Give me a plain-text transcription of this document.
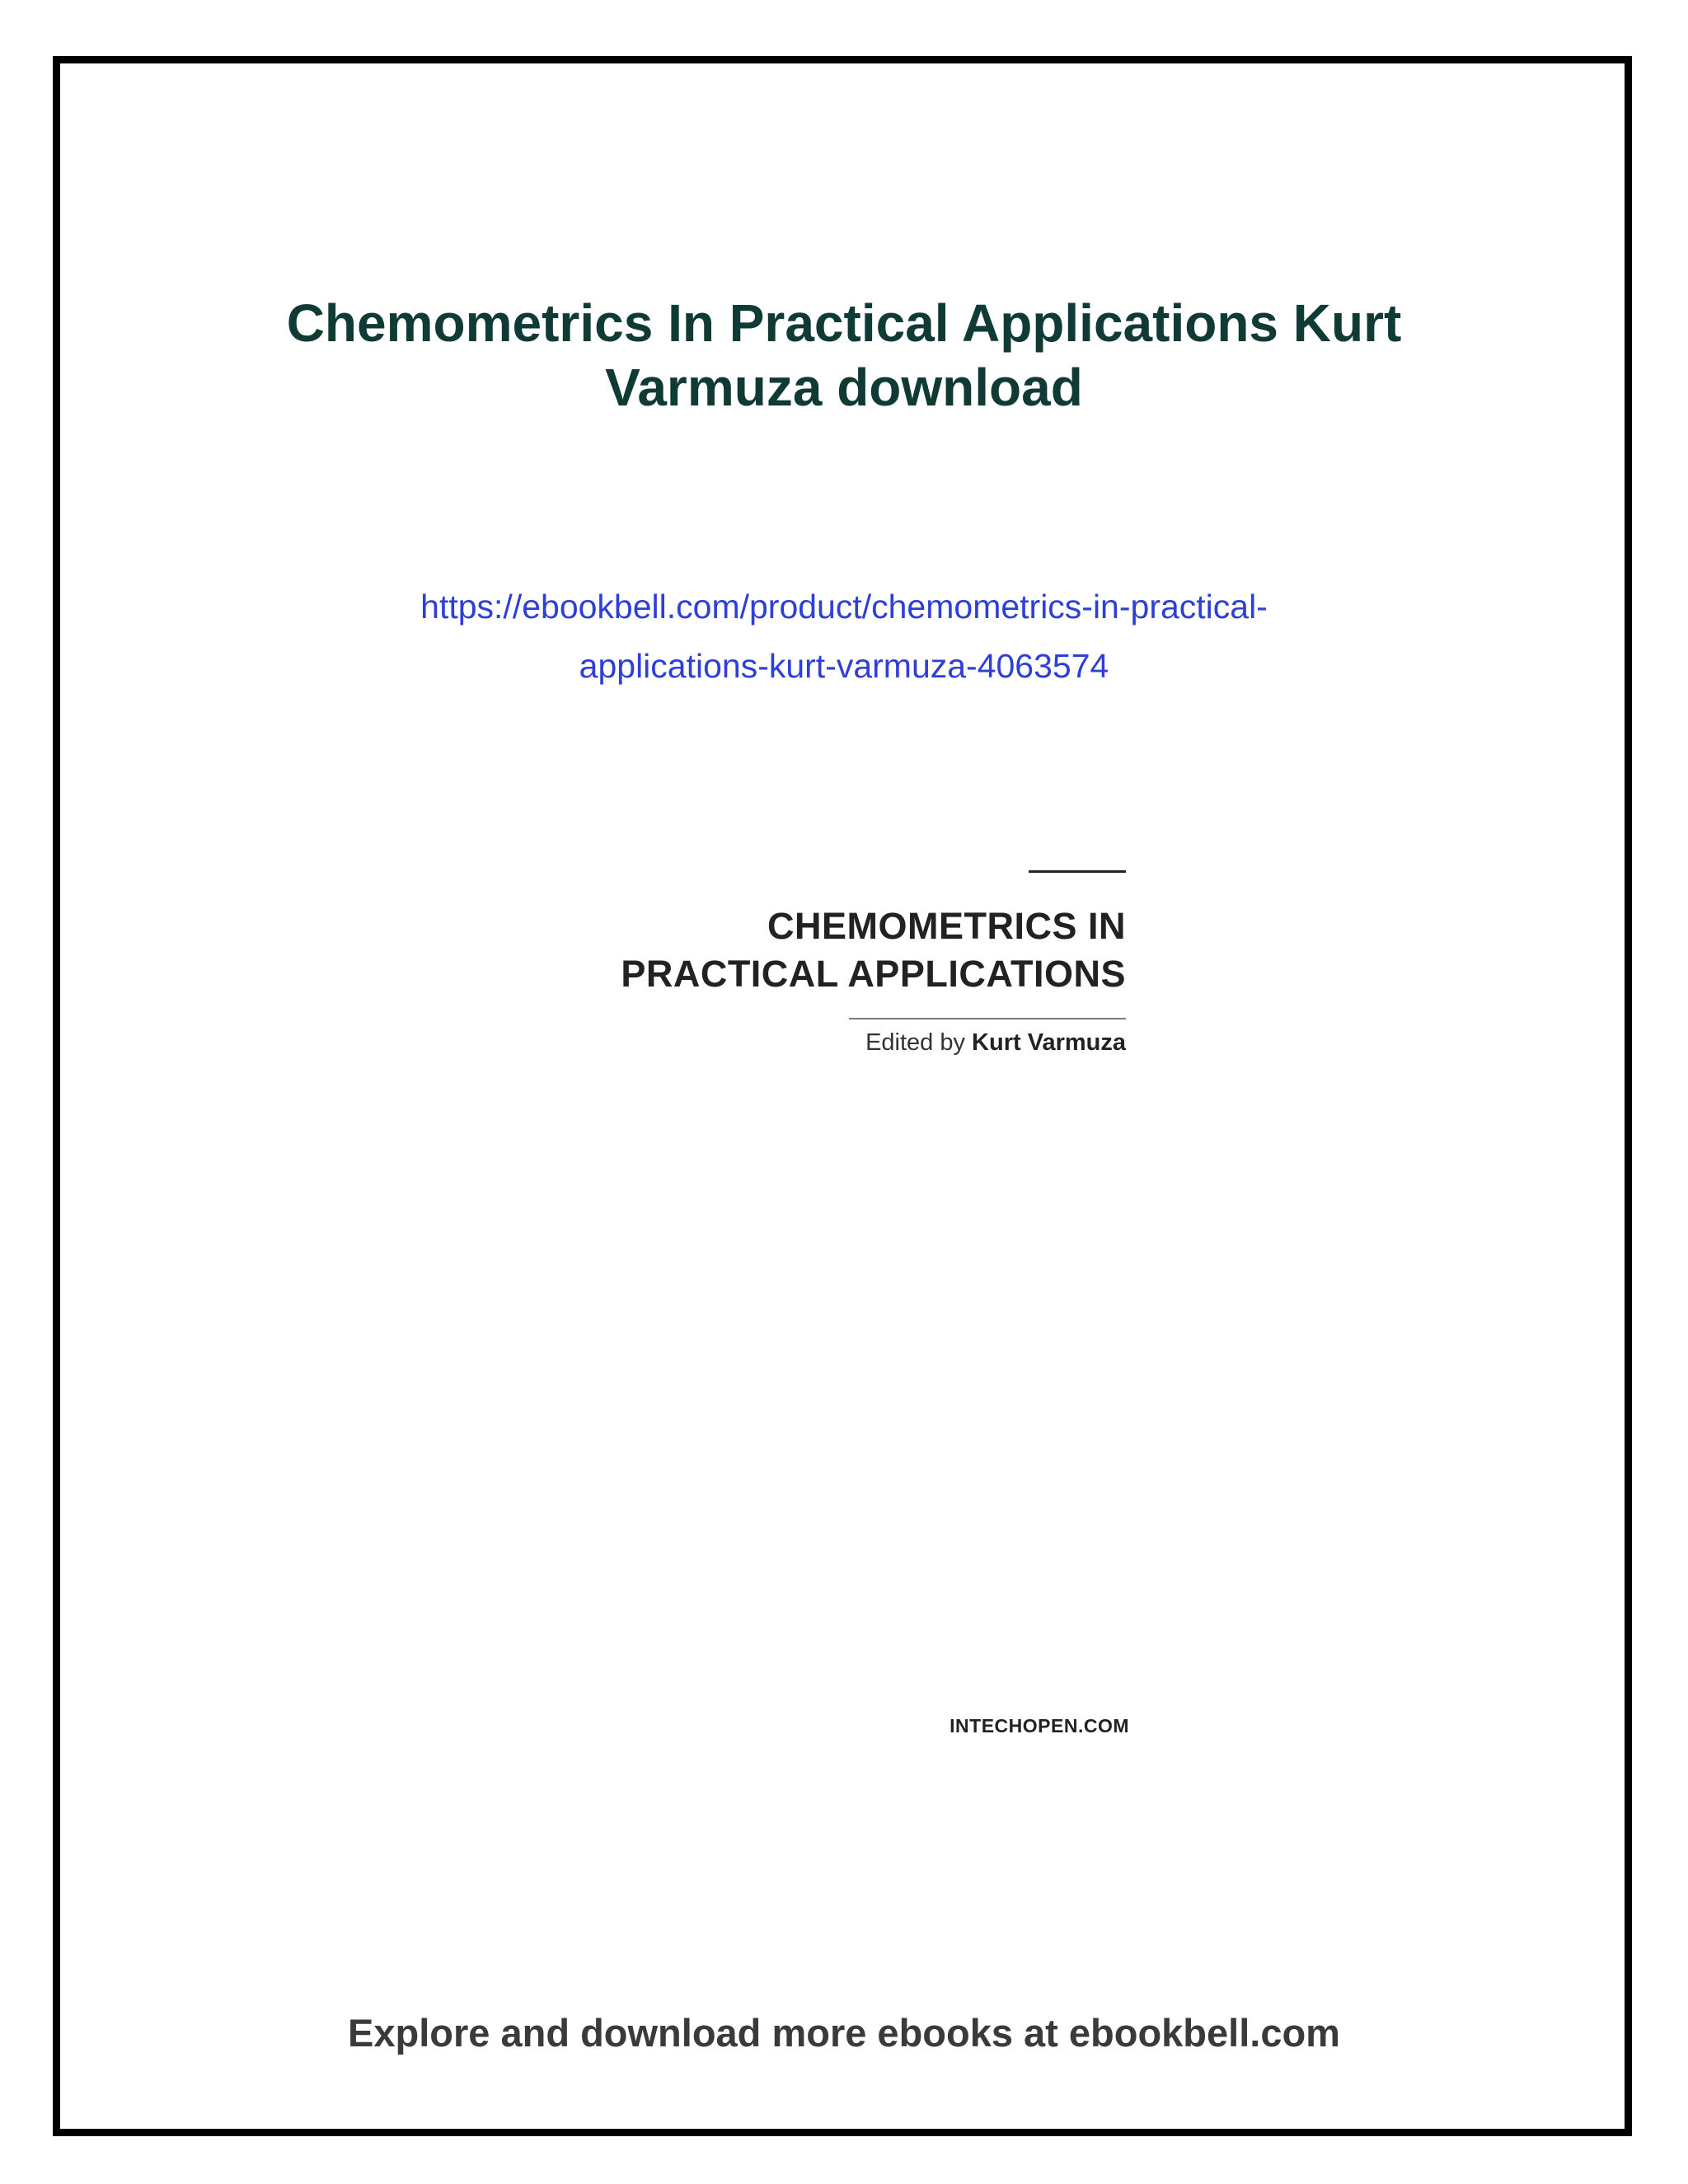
Chemometrics In Practical Applications Kurt
Varmuza download
https://ebookbell.com/product/chemometrics-in-practical-
applications-kurt-varmuza-4063574
CHEMOMETRICS IN
PRACTICAL APPLICATIONS
Edited by Kurt Varmuza
INTECHOPEN.COM
Explore and download more ebooks at ebookbell.com
